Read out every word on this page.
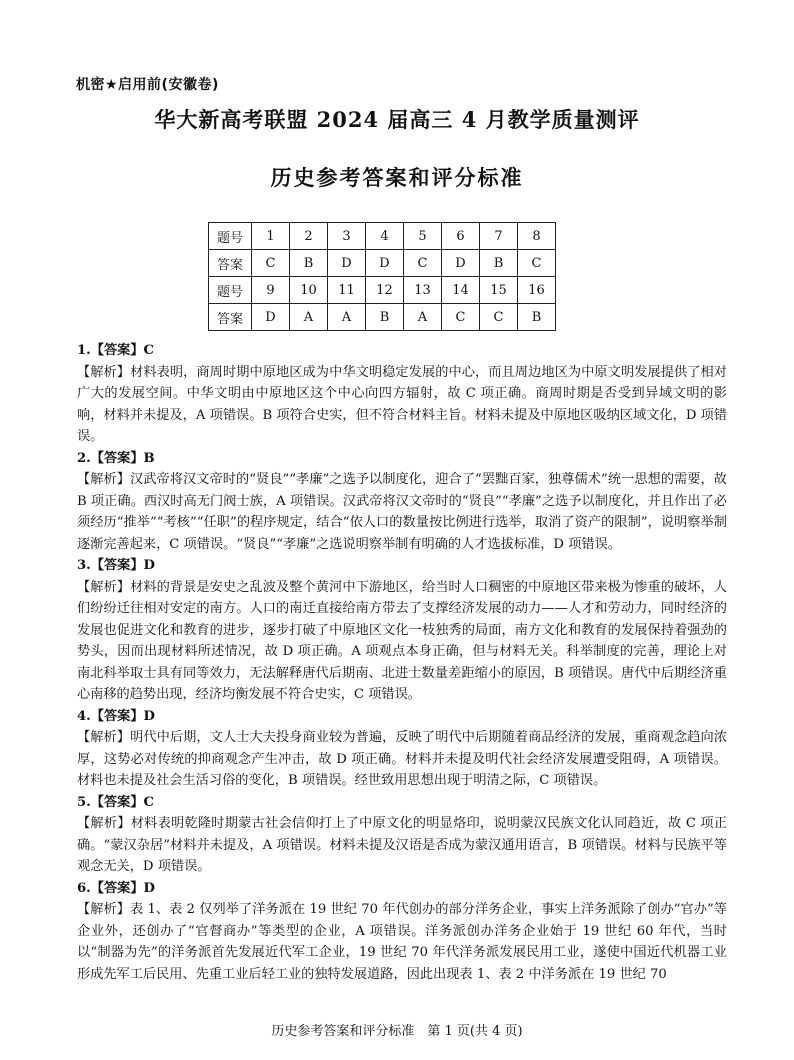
机密★启用前(安徽卷)
华大新高考联盟 2024 届高三 4 月教学质量测评
历史参考答案和评分标准
题号	1	2	3	4	5	6	7	8
答案	C	B	D	D	C	D	B	C
题号	9	10	11	12	13	14	15	16
答案	D	A	A	B	A	C	C	B

1.【答案】C

【解析】材料表明，商周时期中原地区成为中华文明稳定发展的中心，而且周边地区为中原文明发展提供了相对广大的发展空间。中华文明由中原地区这个中心向四方辐射，故 C 项正确。商周时期是否受到异域文明的影响，材料并未提及，A 项错误。B 项符合史实，但不符合材料主旨。材料未提及中原地区吸纳区域文化，D 项错误。

2.【答案】B

【解析】汉武帝将汉文帝时的“贤良”“孝廉”之选予以制度化，迎合了“罢黜百家，独尊儒术”统一思想的需要，故 B 项正确。西汉时高无门阀士族，A 项错误。汉武帝将汉文帝时的“贤良”“孝廉”之选予以制度化，并且作出了必须经历“推举”“考核”“任职”的程序规定，结合“依人口的数量按比例进行选举，取消了资产的限制”，说明察举制逐渐完善起来，C 项错误。“贤良”“孝廉”之选说明察举制有明确的人才选拔标准，D 项错误。

3.【答案】D

【解析】材料的背景是安史之乱波及整个黄河中下游地区，给当时人口稠密的中原地区带来极为惨重的破坏，人们纷纷迁往相对安定的南方。人口的南迁直接给南方带去了支撑经济发展的动力——人才和劳动力，同时经济的发展也促进文化和教育的进步，逐步打破了中原地区文化一枝独秀的局面，南方文化和教育的发展保持着强劲的势头，因而出现材料所述情况，故 D 项正确。A 项观点本身正确，但与材料无关。科举制度的完善，理论上对南北科举取士具有同等效力，无法解释唐代后期南、北进士数量差距缩小的原因，B 项错误。唐代中后期经济重心南移的趋势出现，经济均衡发展不符合史实，C 项错误。

4.【答案】D

【解析】明代中后期，文人士大夫投身商业较为普遍，反映了明代中后期随着商品经济的发展，重商观念趋向浓厚，这势必对传统的抑商观念产生冲击，故 D 项正确。材料并未提及明代社会经济发展遭受阻碍，A 项错误。材料也未提及社会生活习俗的变化，B 项错误。经世致用思想出现于明清之际，C 项错误。

5.【答案】C

【解析】材料表明乾隆时期蒙古社会信仰打上了中原文化的明显烙印，说明蒙汉民族文化认同趋近，故 C 项正确。“蒙汉杂居”材料并未提及，A 项错误。材料未提及汉语是否成为蒙汉通用语言，B 项错误。材料与民族平等观念无关，D 项错误。

6.【答案】D

【解析】表 1、表 2 仅列举了洋务派在 19 世纪 70 年代创办的部分洋务企业，事实上洋务派除了创办“官办”等企业外，还创办了“官督商办”等类型的企业，A 项错误。洋务派创办洋务企业始于 19 世纪 60 年代，当时以“制器为先”的洋务派首先发展近代军工企业，19 世纪 70 年代洋务派发展民用工业，遂使中国近代机器工业形成先军工后民用、先重工业后轻工业的独特发展道路，因此出现表 1、表 2 中洋务派在 19 世纪 70

历史参考答案和评分标准　第 1 页(共 4 页)
